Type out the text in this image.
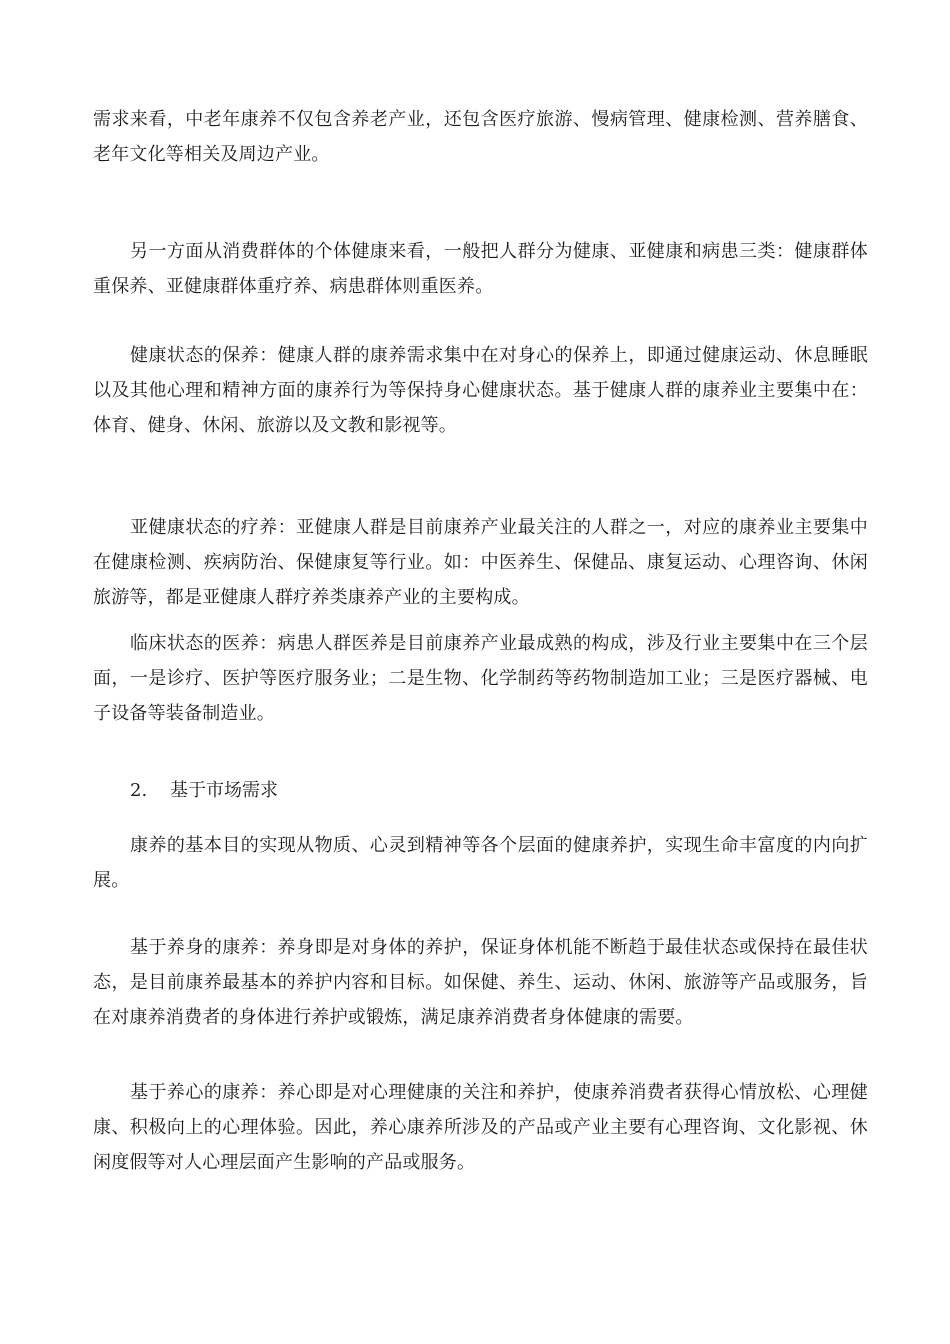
需求来看，中老年康养不仅包含养老产业，还包含医疗旅游、慢病管理、健康检测、营养膳食、老年文化等相关及周边产业。

另一方面从消费群体的个体健康来看，一般把人群分为健康、亚健康和病患三类：健康群体重保养、亚健康群体重疗养、病患群体则重医养。

健康状态的保养：健康人群的康养需求集中在对身心的保养上，即通过健康运动、休息睡眠以及其他心理和精神方面的康养行为等保持身心健康状态。基于健康人群的康养业主要集中在：体育、健身、休闲、旅游以及文教和影视等。

亚健康状态的疗养：亚健康人群是目前康养产业最关注的人群之一，对应的康养业主要集中在健康检测、疾病防治、保健康复等行业。如：中医养生、保健品、康复运动、心理咨询、休闲旅游等，都是亚健康人群疗养类康养产业的主要构成。

临床状态的医养：病患人群医养是目前康养产业最成熟的构成，涉及行业主要集中在三个层面，一是诊疗、医护等医疗服务业；二是生物、化学制药等药物制造加工业；三是医疗器械、电子设备等装备制造业。

2. 基于市场需求

康养的基本目的实现从物质、心灵到精神等各个层面的健康养护，实现生命丰富度的内向扩展。

基于养身的康养：养身即是对身体的养护，保证身体机能不断趋于最佳状态或保持在最佳状态，是目前康养最基本的养护内容和目标。如保健、养生、运动、休闲、旅游等产品或服务，旨在对康养消费者的身体进行养护或锻炼，满足康养消费者身体健康的需要。

基于养心的康养：养心即是对心理健康的关注和养护，使康养消费者获得心情放松、心理健康、积极向上的心理体验。因此，养心康养所涉及的产品或产业主要有心理咨询、文化影视、休闲度假等对人心理层面产生影响的产品或服务。
